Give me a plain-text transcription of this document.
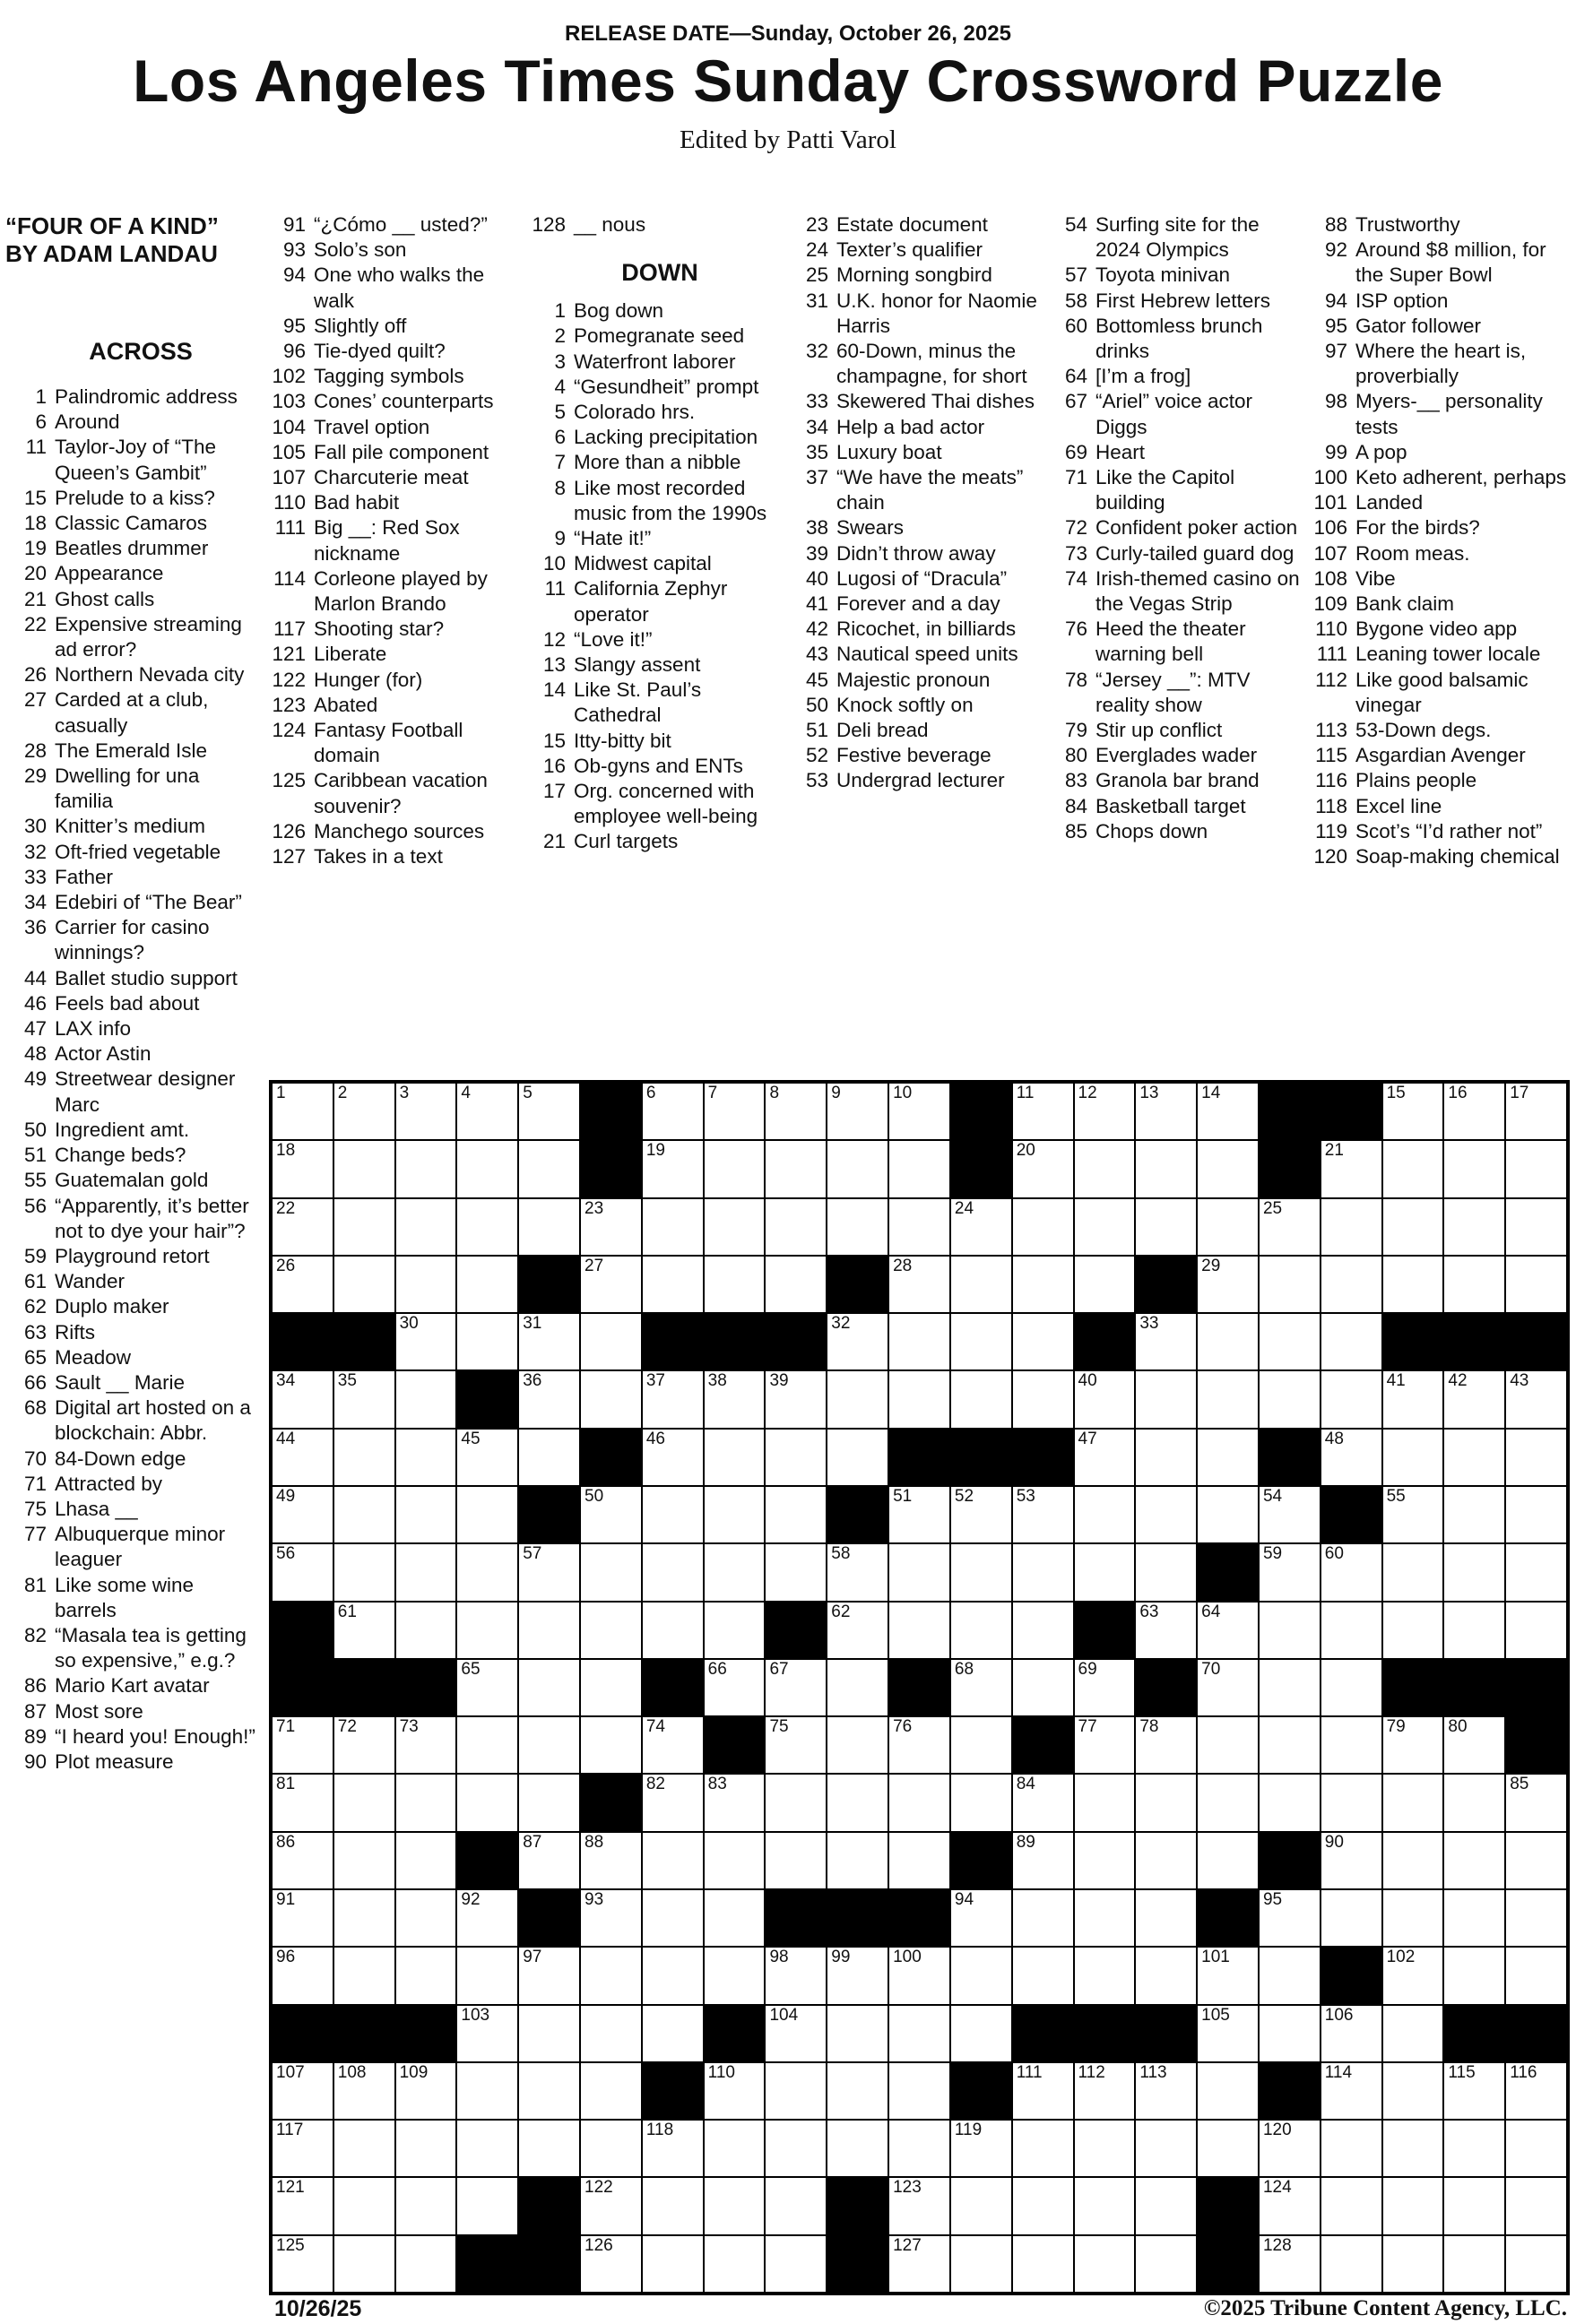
RELEASE DATE—Sunday, October 26, 2025
Los Angeles Times Sunday Crossword Puzzle
Edited by Patti Varol
“FOUR OF A KIND”
BY ADAM LANDAU
ACROSS
1 Palindromic address
6 Around
11 Taylor-Joy of “The Queen’s Gambit”
15 Prelude to a kiss?
18 Classic Camaros
19 Beatles drummer
20 Appearance
21 Ghost calls
22 Expensive streaming ad error?
26 Northern Nevada city
27 Carded at a club, casually
28 The Emerald Isle
29 Dwelling for una familia
30 Knitter’s medium
32 Oft-fried vegetable
33 Father
34 Edebiri of “The Bear”
36 Carrier for casino winnings?
44 Ballet studio support
46 Feels bad about
47 LAX info
48 Actor Astin
49 Streetwear designer Marc
50 Ingredient amt.
51 Change beds?
55 Guatemalan gold
56 “Apparently, it’s better not to dye your hair”?
59 Playground retort
61 Wander
62 Duplo maker
63 Rifts
65 Meadow
66 Sault __ Marie
68 Digital art hosted on a blockchain: Abbr.
70 84-Down edge
71 Attracted by
75 Lhasa __
77 Albuquerque minor leaguer
81 Like some wine barrels
82 “Masala tea is getting so expensive,” e.g.?
86 Mario Kart avatar
87 Most sore
89 “I heard you! Enough!”
90 Plot measure
91 “¿Cómo __ usted?”
93 Solo’s son
94 One who walks the walk
95 Slightly off
96 Tie-dyed quilt?
102 Tagging symbols
103 Cones’ counterparts
104 Travel option
105 Fall pile component
107 Charcuterie meat
110 Bad habit
111 Big __: Red Sox nickname
114 Corleone played by Marlon Brando
117 Shooting star?
121 Liberate
122 Hunger (for)
123 Abated
124 Fantasy Football domain
125 Caribbean vacation souvenir?
126 Manchego sources
127 Takes in a text
128 __ nous
DOWN
1 Bog down
2 Pomegranate seed
3 Waterfront laborer
4 “Gesundheit” prompt
5 Colorado hrs.
6 Lacking precipitation
7 More than a nibble
8 Like most recorded music from the 1990s
9 “Hate it!”
10 Midwest capital
11 California Zephyr operator
12 “Love it!”
13 Slangy assent
14 Like St. Paul’s Cathedral
15 Itty-bitty bit
16 Ob-gyns and ENTs
17 Org. concerned with employee well-being
21 Curl targets
23 Estate document
24 Texter’s qualifier
25 Morning songbird
31 U.K. honor for Naomie Harris
32 60-Down, minus the champagne, for short
33 Skewered Thai dishes
34 Help a bad actor
35 Luxury boat
37 “We have the meats” chain
38 Swears
39 Didn’t throw away
40 Lugosi of “Dracula”
41 Forever and a day
42 Ricochet, in billiards
43 Nautical speed units
45 Majestic pronoun
50 Knock softly on
51 Deli bread
52 Festive beverage
53 Undergrad lecturer
54 Surfing site for the 2024 Olympics
57 Toyota minivan
58 First Hebrew letters
60 Bottomless brunch drinks
64 [I’m a frog]
67 “Ariel” voice actor Diggs
69 Heart
71 Like the Capitol building
72 Confident poker action
73 Curly-tailed guard dog
74 Irish-themed casino on the Vegas Strip
76 Heed the theater warning bell
78 “Jersey __”: MTV reality show
79 Stir up conflict
80 Everglades wader
83 Granola bar brand
84 Basketball target
85 Chops down
88 Trustworthy
92 Around $8 million, for the Super Bowl
94 ISP option
95 Gator follower
97 Where the heart is, proverbially
98 Myers-__ personality tests
99 A pop
100 Keto adherent, perhaps
101 Landed
106 For the birds?
107 Room meas.
108 Vibe
109 Bank claim
110 Bygone video app
111 Leaning tower locale
112 Like good balsamic vinegar
113 53-Down degs.
115 Asgardian Avenger
116 Plains people
118 Excel line
119 Scot’s “I’d rather not”
120 Soap-making chemical
1	2	3	4	5	6	7	8	9	10	11	12	13	14	15	16	17
18	19	20	21
22	23	24	25
26	27	28	29
30	31	32	33
34	35	36	37	38	39	40	41	42	43
44	45	46	47	48
49	50	51	52	53	54	55
56	57	58	59	60
61	62	63	64
65	66	67	68	69	70
71	72	73	74	75	76	77	78	79	80
81	82	83	84	85
86	87	88	89	90
91	92	93	94	95
96	97	98	99	100	101	102
103	104	105	106
107 108 109	110	111 112 113	114	115 116
117	118	119	120
121	122	123	124
125	126	127	128
10/26/25	©2025 Tribune Content Agency, LLC.
